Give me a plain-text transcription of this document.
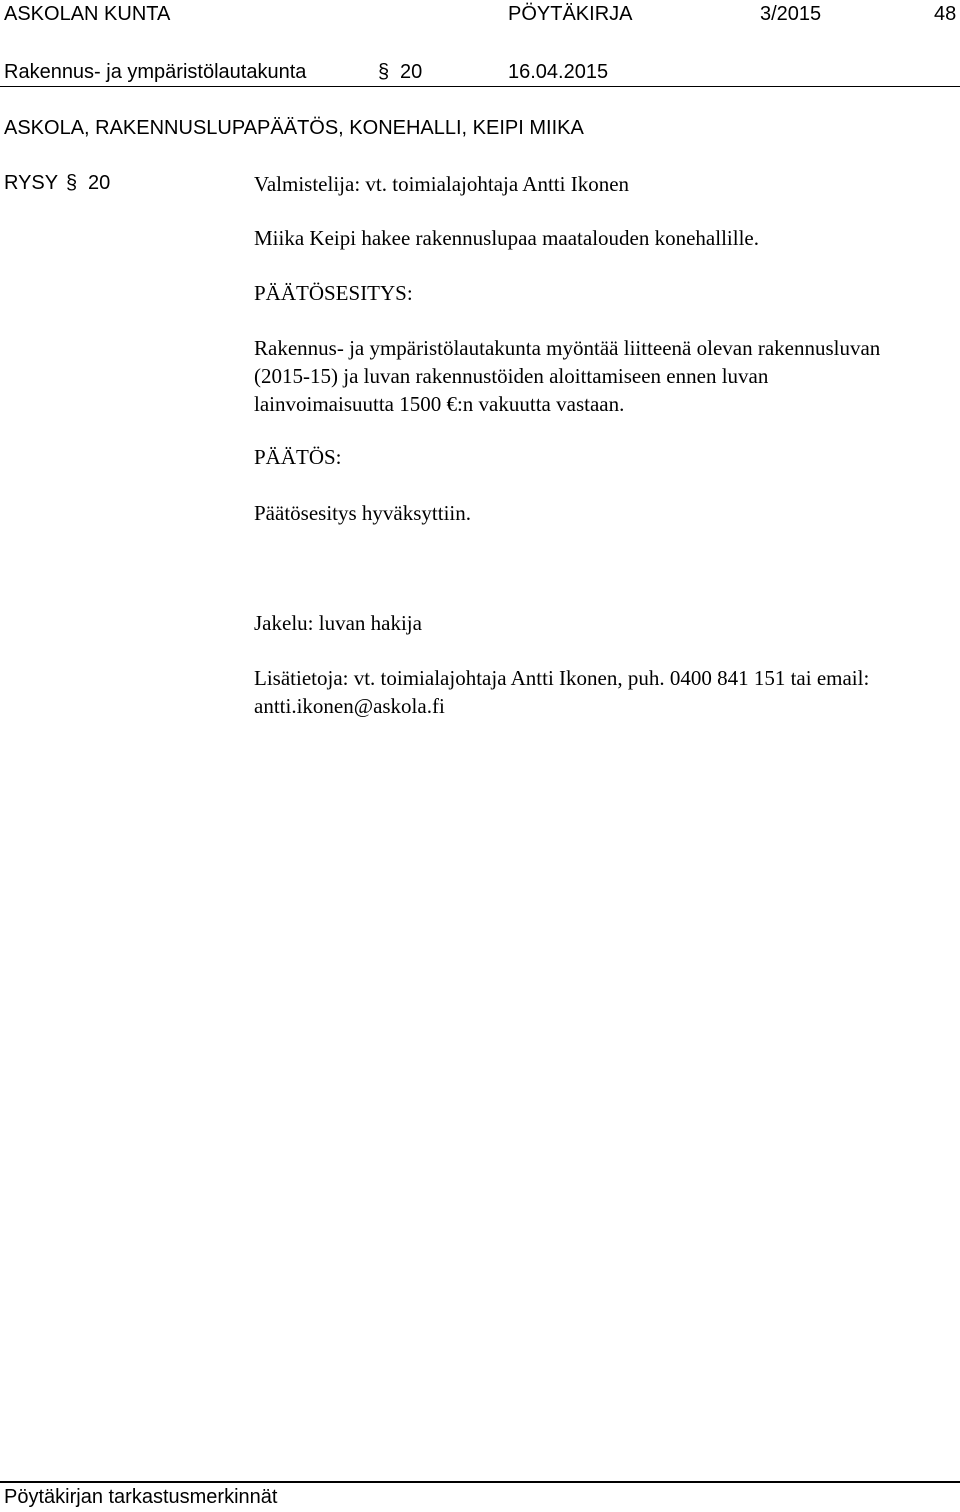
ASKOLAN KUNTA	PÖYTÄKIRJA	3/2015	48
Rakennus- ja ympäristölautakunta	§ 20	16.04.2015
ASKOLA, RAKENNUSLUPAPÄÄTÖS, KONEHALLI, KEIPI MIIKA
RYSY § 20	Valmistelija: vt. toimialajohtaja Antti Ikonen
Miika Keipi hakee rakennuslupaa maatalouden konehallille.
PÄÄTÖSESITYS:
Rakennus- ja ympäristölautakunta myöntää liitteenä olevan rakennusluvan
(2015-15) ja luvan rakennustöiden aloittamiseen ennen luvan
lainvoimaisuutta 1500 €:n vakuutta vastaan.
PÄÄTÖS:
Päätösesitys hyväksyttiin.
Jakelu: luvan hakija
Lisätietoja: vt. toimialajohtaja Antti Ikonen, puh. 0400 841 151 tai email:
antti.ikonen@askola.fi
Pöytäkirjan tarkastusmerkinnät
